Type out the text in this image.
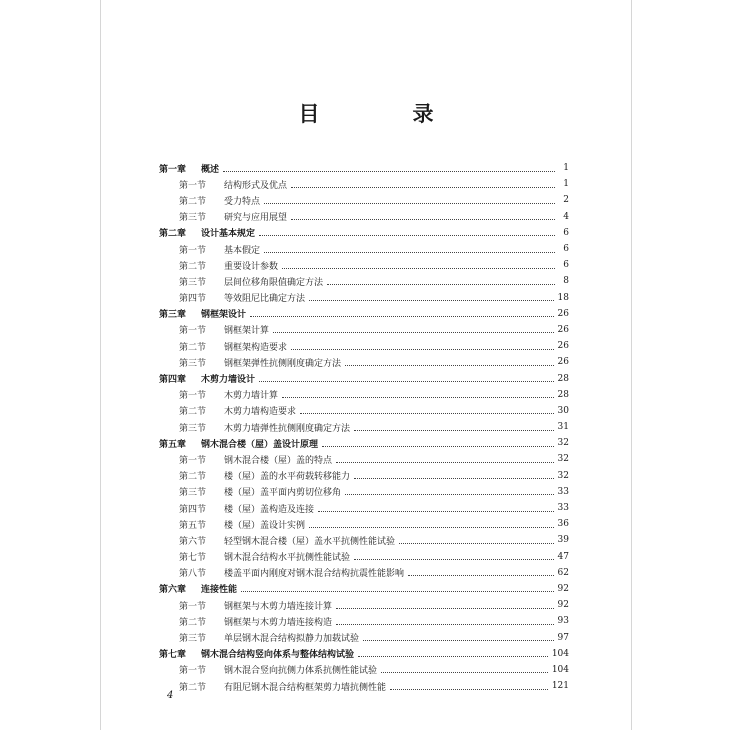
目　录
第一章	概述	1
第一节	结构形式及优点	1
第二节	受力特点	2
第三节	研究与应用展望	4
第二章	设计基本规定	6
第一节	基本假定	6
第二节	重要设计参数	6
第三节	层间位移角限值确定方法	8
第四节	等效阻尼比确定方法	18
第三章	钢框架设计	26
第一节	钢框架计算	26
第二节	钢框架构造要求	26
第三节	钢框架弹性抗侧刚度确定方法	26
第四章	木剪力墙设计	28
第一节	木剪力墙计算	28
第二节	木剪力墙构造要求	30
第三节	木剪力墙弹性抗侧刚度确定方法	31
第五章	钢木混合楼（屋）盖设计原理	32
第一节	钢木混合楼（屋）盖的特点	32
第二节	楼（屋）盖的水平荷载转移能力	32
第三节	楼（屋）盖平面内剪切位移角	33
第四节	楼（屋）盖构造及连接	33
第五节	楼（屋）盖设计实例	36
第六节	轻型钢木混合楼（屋）盖水平抗侧性能试验	39
第七节	钢木混合结构水平抗侧性能试验	47
第八节	楼盖平面内刚度对钢木混合结构抗震性能影响	62
第六章	连接性能	92
第一节	钢框架与木剪力墙连接计算	92
第二节	钢框架与木剪力墙连接构造	93
第三节	单层钢木混合结构拟静力加载试验	97
第七章	钢木混合结构竖向体系与整体结构试验	104
第一节	钢木混合竖向抗侧力体系抗侧性能试验	104
第二节	有阻尼钢木混合结构框架剪力墙抗侧性能	121
4
